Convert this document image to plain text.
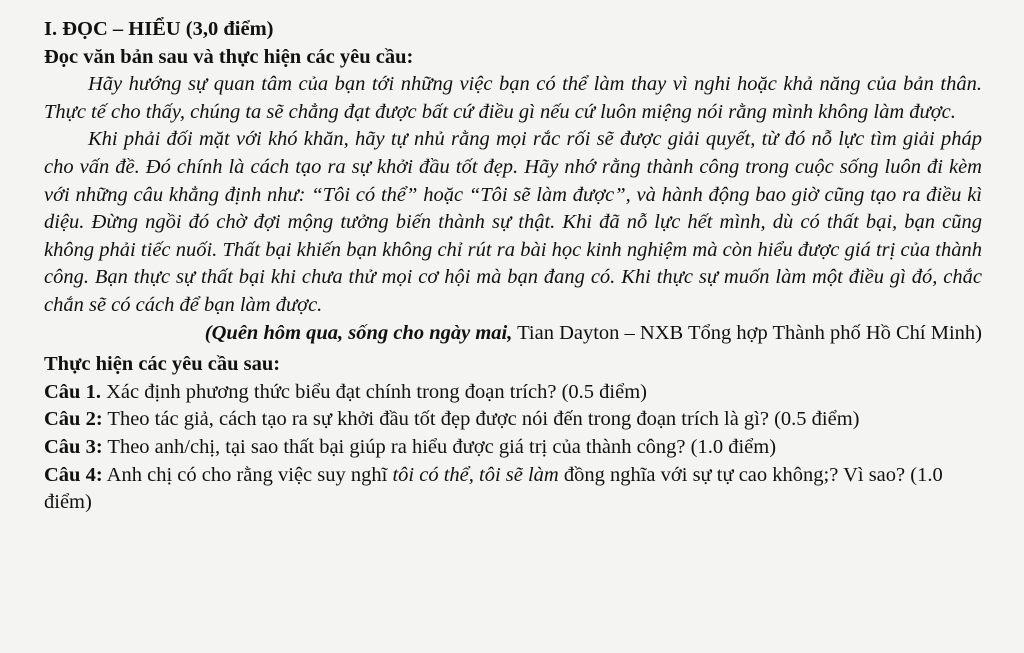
I. ĐỌC – HIỂU (3,0 điểm)

Đọc văn bản sau và thực hiện các yêu cầu:

Hãy hướng sự quan tâm của bạn tới những việc bạn có thể làm thay vì nghi hoặc khả năng của bản thân. Thực tế cho thấy, chúng ta sẽ chẳng đạt được bất cứ điều gì nếu cứ luôn miệng nói rằng mình không làm được.

Khi phải đối mặt với khó khăn, hãy tự nhủ rằng mọi rắc rối sẽ được giải quyết, từ đó nỗ lực tìm giải pháp cho vấn đề. Đó chính là cách tạo ra sự khởi đầu tốt đẹp. Hãy nhớ rằng thành công trong cuộc sống luôn đi kèm với những câu khẳng định như: “Tôi có thể” hoặc “Tôi sẽ làm được”, và hành động bao giờ cũng tạo ra điều kì diệu. Đừng ngồi đó chờ đợi mộng tưởng biến thành sự thật. Khi đã nỗ lực hết mình, dù có thất bại, bạn cũng không phải tiếc nuối. Thất bại khiến bạn không chỉ rút ra bài học kinh nghiệm mà còn hiểu được giá trị của thành công. Bạn thực sự thất bại khi chưa thử mọi cơ hội mà bạn đang có. Khi thực sự muốn làm một điều gì đó, chắc chắn sẽ có cách để bạn làm được.

(Quên hôm qua, sống cho ngày mai, Tian Dayton – NXB Tổng hợp Thành phố Hồ Chí Minh)

Thực hiện các yêu cầu sau:

Câu 1. Xác định phương thức biểu đạt chính trong đoạn trích? (0.5 điểm)

Câu 2: Theo tác giả, cách tạo ra sự khởi đầu tốt đẹp được nói đến trong đoạn trích là gì? (0.5 điểm)

Câu 3: Theo anh/chị, tại sao thất bại giúp ra hiểu được giá trị của thành công? (1.0 điểm)

Câu 4: Anh chị có cho rằng việc suy nghĩ tôi có thể, tôi sẽ làm đồng nghĩa với sự tự cao không;? Vì sao? (1.0 điểm)
